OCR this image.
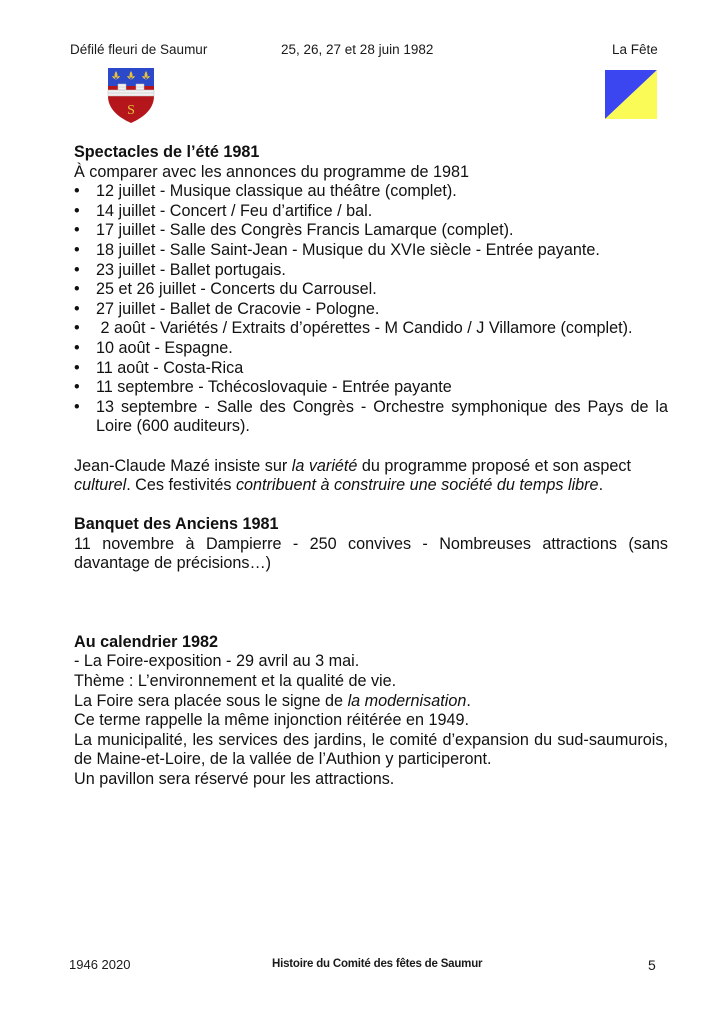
Défilé fleuri de Saumur	25, 26, 27 et 28 juin 1982	La Fête
S

Spectacles de l’été 1981

À comparer avec les annonces du programme de 1981

• 12 juillet - Musique classique au théâtre (complet).
• 14 juillet - Concert / Feu d’artifice / bal.
• 17 juillet - Salle des Congrès Francis Lamarque (complet).
• 18 juillet - Salle Saint-Jean - Musique du XVIe siècle - Entrée payante.
• 23 juillet - Ballet portugais.
• 25 et 26 juillet - Concerts du Carrousel.
• 27 juillet - Ballet de Cracovie - Pologne.
• 2 août - Variétés / Extraits d’opérettes - M Candido / J Villamore (complet).
• 10 août - Espagne.
• 11 août - Costa-Rica
• 11 septembre - Tchécoslovaquie - Entrée payante
• 13 septembre - Salle des Congrès - Orchestre symphonique des Pays de la Loire (600 auditeurs).

Jean-Claude Mazé insiste sur la variété du programme proposé et son aspect culturel. Ces festivités contribuent à construire une société du temps libre.

Banquet des Anciens 1981

11 novembre à Dampierre - 250 convives - Nombreuses attractions (sans davantage de précisions…)

Au calendrier 1982

- La Foire-exposition - 29 avril au 3 mai.

Thème : L’environnement et la qualité de vie.

La Foire sera placée sous le signe de la modernisation.

Ce terme rappelle la même injonction réitérée en 1949.

La municipalité, les services des jardins, le comité d’expansion du sud-saumurois, de Maine-et-Loire, de la vallée de l’Authion y participeront.

Un pavillon sera réservé pour les attractions.

1946 2020	Histoire du Comité des fêtes de Saumur	5
